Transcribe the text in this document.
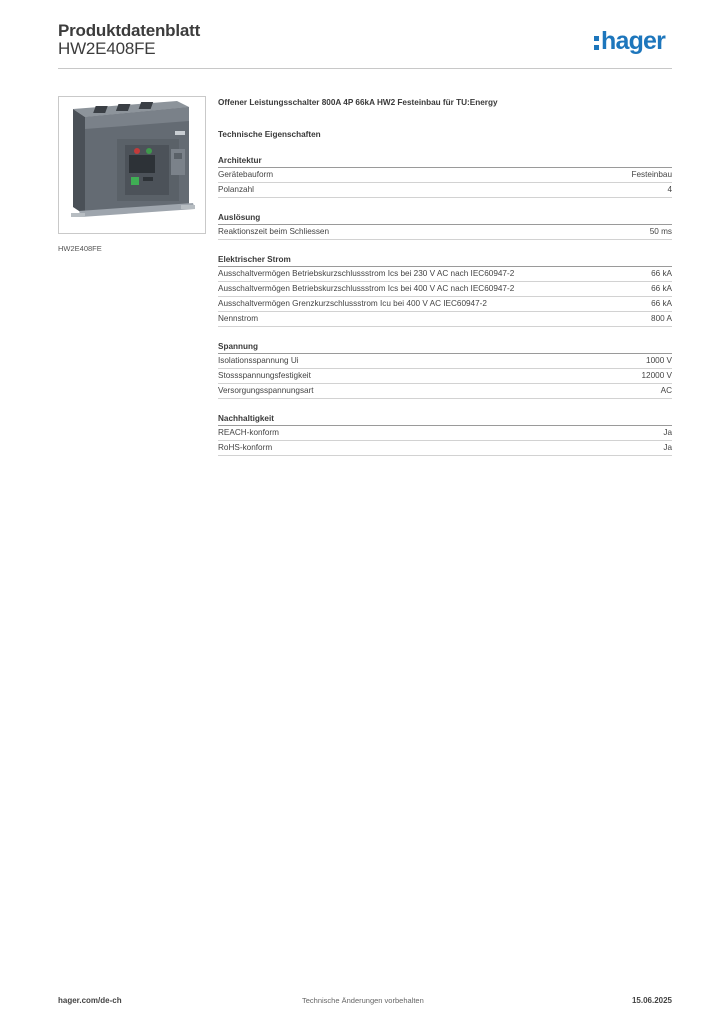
Produktdatenblatt
HW2E408FE	hager
HW2E408FE
Offener Leistungsschalter 800A 4P 66kA HW2 Festeinbau für TU:Energy
Technische Eigenschaften
Architektur
Gerätebauform	Festeinbau
Polanzahl	4
Auslösung
Reaktionszeit beim Schliessen	50 ms
Elektrischer Strom
Ausschaltvermögen Betriebskurzschlussstrom Ics bei 230 V AC nach IEC60947-2	66 kA
Ausschaltvermögen Betriebskurzschlussstrom Ics bei 400 V AC nach IEC60947-2	66 kA
Ausschaltvermögen Grenzkurzschlussstrom Icu bei 400 V AC IEC60947-2	66 kA
Nennstrom	800 A
Spannung
Isolationsspannung Ui	1000 V
Stossspannungsfestigkeit	12000 V
Versorgungsspannungsart	AC
Nachhaltigkeit
REACH-konform	Ja
RoHS-konform	Ja
hager.com/de-ch	Technische Änderungen vorbehalten	15.06.2025
